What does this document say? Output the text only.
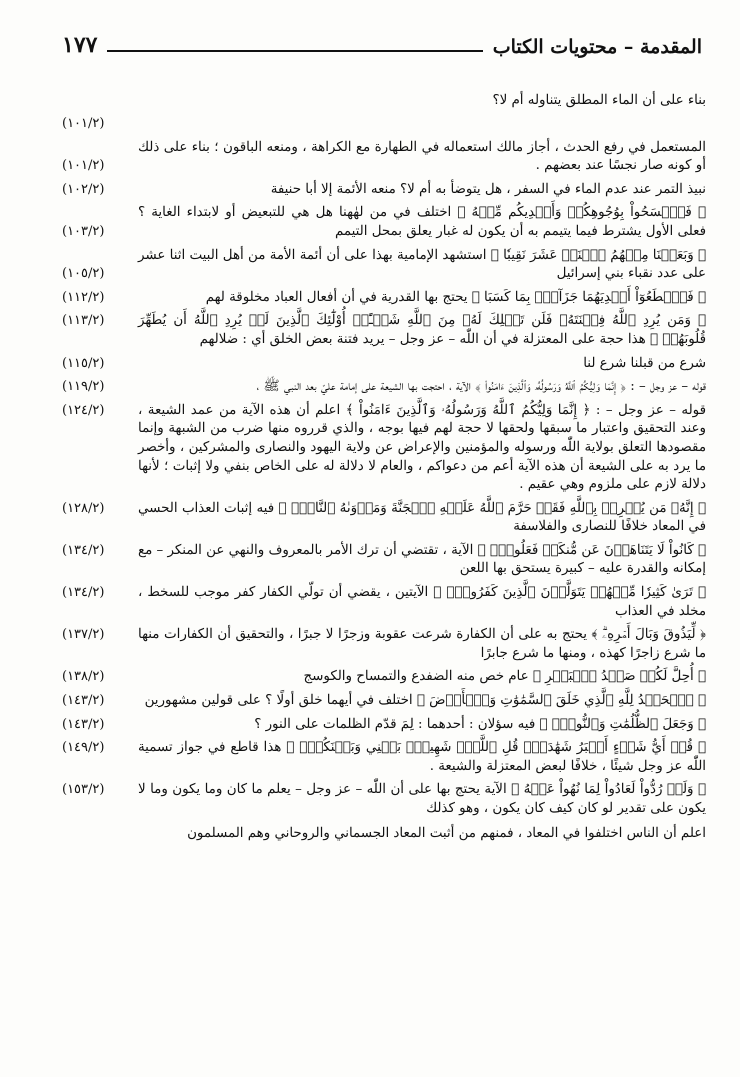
المقدمة – محتويات الكتاب
١٧٧
بناء على أن الماء المطلق يتناوله أم لا؟
(١٠١/٢)
المستعمل في رفع الحدث ، أجاز مالك استعماله في الطهارة مع الكراهة ، ومنعه الباقون ؛ بناء على ذلك أو كونه صار نجسًا عند بعضهم .
(١٠١/٢)
نبيذ التمر عند عدم الماء في السفر ، هل يتوضأ به أم لا؟ منعه الأئمة إلا أبا حنيفة
(١٠٢/٢)
﴿ فَٱمۡسَحُواْ بِوُجُوهِكُمۡ وَأَيۡدِيكُم مِّنۡهُ ﴾ اختلف في من لهٰهنا هل هي للتبعيض أو لابتداء الغاية ؟ فعلى الأول يشترط فيما يتيمم به أن يكون له غبار يعلق بمحل التيمم
(١٠٣/٢)
﴿ وَبَعَثۡنَا مِنۡهُمُ ٱثۡنَيۡ عَشَرَ نَقِيبٗا ﴾ استشهد الإمامية بهذا على أن أئمة الأمة من أهل البيت اثنا عشر على عدد نقباء بني إسرائيل
(١٠٥/٢)
﴿ فَٱقۡطَعُوٓاْ أَيۡدِيَهُمَا جَزَآءَۢ بِمَا كَسَبَا ﴾ يحتج بها القدرية في أن أفعال العباد مخلوقة لهم
(١١٢/٢)
﴿ وَمَن يُرِدِ ٱللَّهُ فِتۡنَتَهُۥ فَلَن تَمۡلِكَ لَهُۥ مِنَ ٱللَّهِ شَيۡـًٔاۚ أُوْلَٰٓئِكَ ٱلَّذِينَ لَمۡ يُرِدِ ٱللَّهُ أَن يُطَهِّرَ قُلُوبَهُمۡ ﴾ هذا حجة على المعتزلة في أن اللّٰه – عز وجل – يريد فتنة بعض الخلق أي : ضلالهم
(١١٣/٢)
شرع من قبلنا شرع لنا
(١١٥/٢)
قوله – عز وجل – : ﴿ إِنَّمَا وَلِيُّكُمُ ٱللَّهُ وَرَسُولُهُۥ وَٱلَّذِينَ ءَامَنُواْ ﴾ الآية ، احتجت بها الشيعة على إمامة عليّ بعد النبي ﷺ ،
(١١٩/٢)
قوله – عز وجل – : ﴿ إِنَّمَا وَلِيُّكُمُ ٱللَّهُ وَرَسُولُهُۥ وَٱلَّذِينَ ءَامَنُواْ ﴾ اعلم أن هذه الآية من عمد الشيعة ، وعند التحقيق واعتبار ما سبقها ولحقها لا حجة لهم فيها بوجه ، والذي قرروه منها ضرب من الشبهة وإنما مقصودها التعلق بولاية اللّٰه ورسوله والمؤمنين والإعراض عن ولاية اليهود والنصارى والمشركين ، وأخصر ما يرد به على الشيعة أن هذه الآية أعم من دعواكم ، والعام لا دلالة له على الخاص بنفي ولا إثبات ؛ لأنها دلالة لازم على ملزوم وهي عقيم .
(١٢٤/٢)
﴿ إِنَّهُۥ مَن يُشۡرِكۡ بِٱللَّهِ فَقَدۡ حَرَّمَ ٱللَّهُ عَلَيۡهِ ٱلۡجَنَّةَ وَمَأۡوَىٰهُ ٱلنَّارُۖ ﴾ فيه إثبات العذاب الحسي في المعاد خلافًا للنصارى والفلاسفة
(١٢٨/٢)
﴿ كَانُواْ لَا يَتَنَاهَوۡنَ عَن مُّنكَرٖ فَعَلُوهُۚ ﴾ الآية ، تقتضي أن ترك الأمر بالمعروف والنهي عن المنكر – مع إمكانه والقدرة عليه – كبيرة يستحق بها اللعن
(١٣٤/٢)
﴿ تَرَىٰ كَثِيرٗا مِّنۡهُمۡ يَتَوَلَّوۡنَ ٱلَّذِينَ كَفَرُواْۚ ﴾ الآيتين ، يقضي أن تولّي الكفار كفر موجب للسخط ، مخلد في العذاب
(١٣٤/٢)
﴿ لِّيَذُوقَ وَبَالَ أَمۡرِهِۦۗ ﴾ يحتج به على أن الكفارة شرعت عقوبة وزجرًا لا جبرًا ، والتحقيق أن الكفارات منها ما شرع زاجرًا كهذه ، ومنها ما شرع جابرًا
(١٣٧/٢)
﴿ أُحِلَّ لَكُمۡ صَيۡدُ ٱلۡبَحۡرِ ﴾ عام خص منه الضفدع والتمساح والكوسج
(١٣٨/٢)
﴿ ٱلۡحَمۡدُ لِلَّهِ ٱلَّذِي خَلَقَ ٱلسَّمَٰوَٰتِ وَٱلۡأَرۡضَ ﴾ اختلف في أيهما خلق أولًا ؟ على قولين مشهورين
(١٤٣/٢)
﴿ وَجَعَلَ ٱلظُّلُمَٰتِ وَٱلنُّورَۖ ﴾ فيه سؤلان : أحدهما : لِمَ قدّم الظلمات على النور ؟
(١٤٣/٢)
﴿ قُلۡ أَيُّ شَيۡءٍ أَكۡبَرُ شَهَٰدَةٗۖ قُلِ ٱللَّهُۖ شَهِيدُۢ بَيۡنِي وَبَيۡنَكُمۡۚ ﴾ هذا قاطع في جواز تسمية اللّٰه عز وجل شيئًا ، خلافًا لبعض المعتزلة والشيعة .
(١٤٩/٢)
﴿ وَلَوۡ رُدُّواْ لَعَادُواْ لِمَا نُهُواْ عَنۡهُ ﴾ الآية يحتج بها على أن اللّٰه – عز وجل – يعلم ما كان وما يكون وما لا يكون على تقدير لو كان كيف كان يكون ، وهو كذلك
(١٥٣/٢)
اعلم أن الناس اختلفوا في المعاد ، فمنهم من أثبت المعاد الجسماني والروحاني وهم المسلمون
